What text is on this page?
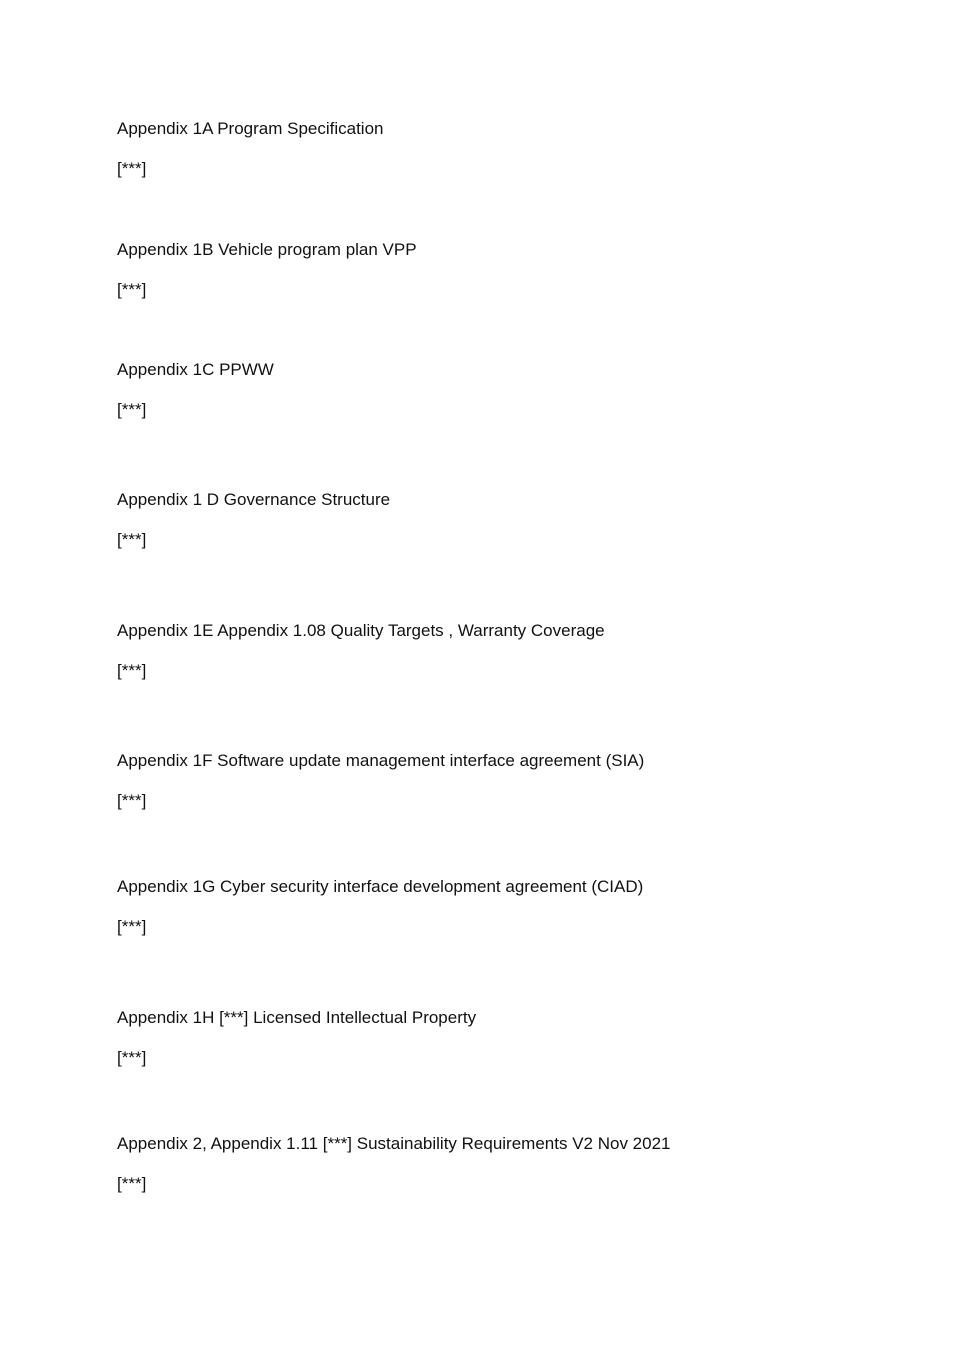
Appendix 1A Program Specification

[***]

Appendix 1B Vehicle program plan VPP

[***]

Appendix 1C PPWW

[***]

Appendix 1 D Governance Structure

[***]

Appendix 1E Appendix 1.08 Quality Targets , Warranty Coverage

[***]

Appendix 1F Software update management interface agreement (SIA)

[***]

Appendix 1G Cyber security interface development agreement (CIAD)

[***]

Appendix 1H [***] Licensed Intellectual Property

[***]

Appendix 2, Appendix 1.11 [***] Sustainability Requirements V2 Nov 2021

[***]
